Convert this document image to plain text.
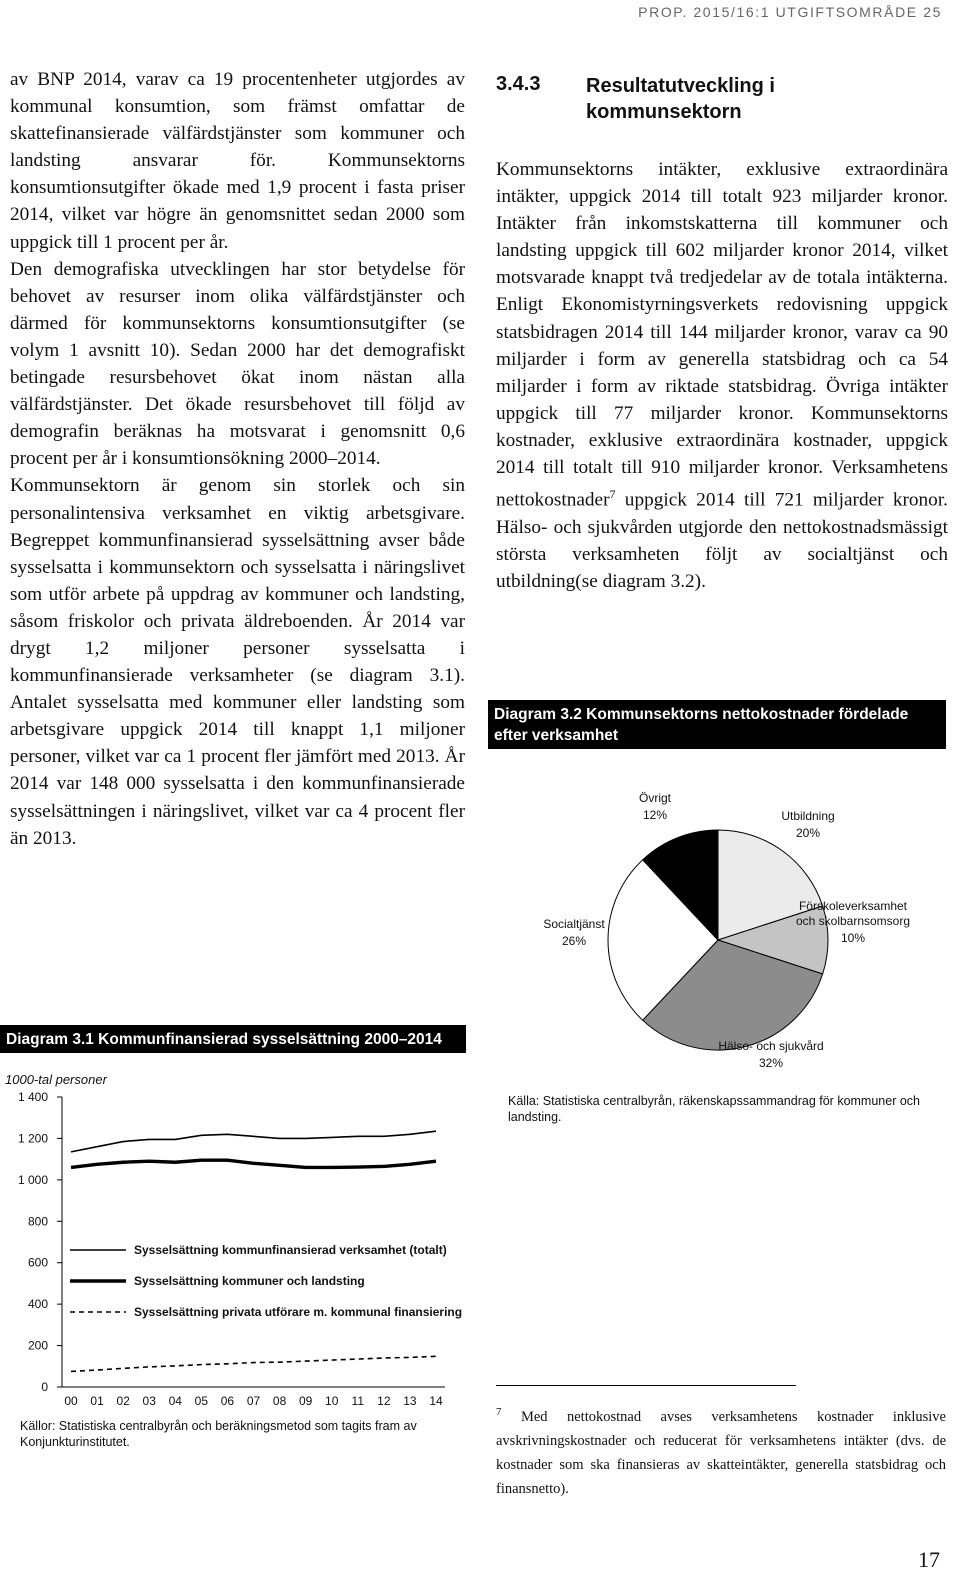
PROP. 2015/16:1 UTGIFTSOMRÅDE 25

av BNP 2014, varav ca 19 procentenheter utgjordes av kommunal konsumtion, som främst omfattar de skattefinansierade välfärdstjänster som kommuner och landsting ansvarar för. Kommunsektorns konsumtionsutgifter ökade med 1,9 procent i fasta priser 2014, vilket var högre än genomsnittet sedan 2000 som uppgick till 1 procent per år.

Den demografiska utvecklingen har stor betydelse för behovet av resurser inom olika välfärdstjänster och därmed för kommunsektorns konsumtionsutgifter (se volym 1 avsnitt 10). Sedan 2000 har det demografiskt betingade resursbehovet ökat inom nästan alla välfärdstjänster. Det ökade resursbehovet till följd av demografin beräknas ha motsvarat i genomsnitt 0,6 procent per år i konsumtionsökning 2000–2014.

Kommunsektorn är genom sin storlek och sin personalintensiva verksamhet en viktig arbetsgivare. Begreppet kommunfinansierad sysselsättning avser både sysselsatta i kommunsektorn och sysselsatta i näringslivet som utför arbete på uppdrag av kommuner och landsting, såsom friskolor och privata äldreboenden. År 2014 var drygt 1,2 miljoner personer sysselsatta i kommunfinansierade verksamheter (se diagram 3.1). Antalet sysselsatta med kommuner eller landsting som arbetsgivare uppgick 2014 till knappt 1,1 miljoner personer, vilket var ca 1 procent fler jämfört med 2013. År 2014 var 148 000 sysselsatta i den kommunfinansierade sysselsättningen i näringslivet, vilket var ca 4 procent fler än 2013.

3.4.3 Resultatutveckling i kommunsektorn

Kommunsektorns intäkter, exklusive extraordinära intäkter, uppgick 2014 till totalt 923 miljarder kronor. Intäkter från inkomstskatterna till kommuner och landsting uppgick till 602 miljarder kronor 2014, vilket motsvarade knappt två tredjedelar av de totala intäkterna. Enligt Ekonomistyrningsverkets redovisning uppgick statsbidragen 2014 till 144 miljarder kronor, varav ca 90 miljarder i form av generella statsbidrag och ca 54 miljarder i form av riktade statsbidrag. Övriga intäkter uppgick till 77 miljarder kronor. Kommunsektorns kostnader, exklusive extraordinära kostnader, uppgick 2014 till totalt till 910 miljarder kronor. Verksamhetens nettokostnader$^7$ uppgick 2014 till 721 miljarder kronor. Hälso- och sjukvården utgjorde den nettokostnadsmässigt största verksamheten följt av socialtjänst och utbildning(se diagram 3.2).

Diagram 3.2 Kommunsektorns nettokostnader fördelade efter verksamhet
Utbildning
20%
Förskoleverksamhet och skolbarnsomsorg
10%
Hälso- och sjukvård
32%
Socialtjänst
26%
Övrigt
12%
Källa: Statistiska centralbyrån, räkenskapssammandrag för kommuner och landsting.
Diagram 3.1 Kommunfinansierad sysselsättning 2000–2014
1000-tal personer
0
200
400
600
800
1 000
1 200
1 400
00 01 02 03 04 05 06 07 08 09 10 11 12 13 14
Sysselsättning kommunfinansierad verksamhet (totalt)
Sysselsättning kommuner och landsting
Sysselsättning privata utförare m. kommunal finansiering
Källor: Statistiska centralbyrån och beräkningsmetod som tagits fram av Konjunkturinstitutet.
$^7$ Med nettokostnad avses verksamhetens kostnader inklusive avskrivningskostnader och reducerat för verksamhetens intäkter (dvs. de kostnader som ska finansieras av skatteintäkter, generella statsbidrag och finansnetto).
17
